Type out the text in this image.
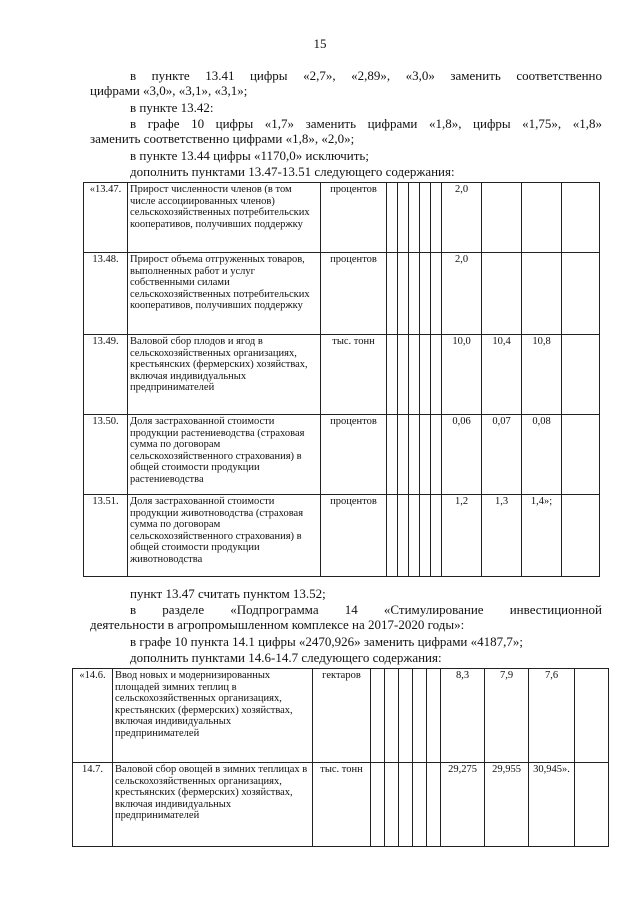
15
в пункте 13.41 цифры «2,7», «2,89», «3,0» заменить соответственно
цифрами «3,0», «3,1», «3,1»;
в пункте 13.42:
в графе 10 цифры «1,7» заменить цифрами «1,8», цифры «1,75», «1,8»
заменить соответственно цифрами «1,8», «2,0»;
в пункте 13.44 цифры «1170,0» исключить;
дополнить пунктами 13.47-13.51 следующего содержания:
«13.47.	Прирост численности членов (в том числе ассоциированных членов) сельскохозяйственных потребительских кооперативов, получивших поддержку	процентов						2,0			
13.48.	Прирост объема отгруженных товаров, выполненных работ и услуг собственными силами сельскохозяйственных потребительских кооперативов, получивших поддержку	процентов						2,0			
13.49.	Валовой сбор плодов и ягод в сельскохозяйственных организациях, крестьянских (фермерских) хозяйствах, включая индивидуальных предпринимателей	тыс. тонн						10,0	10,4	10,8	
13.50.	Доля застрахованной стоимости продукции растениеводства (страховая сумма по договорам сельскохозяйственного страхования) в общей стоимости продукции растениеводства	процентов						0,06	0,07	0,08	
13.51.	Доля застрахованной стоимости продукции животноводства (страховая сумма по договорам сельскохозяйственного страхования) в общей стоимости продукции животноводства	процентов						1,2	1,3	1,4»;	
пункт 13.47 считать пунктом 13.52;
в разделе «Подпрограмма 14 «Стимулирование инвестиционной
деятельности в агропромышленном комплексе на 2017-2020 годы»:
в графе 10 пункта 14.1 цифры «2470,926» заменить цифрами «4187,7»;
дополнить пунктами 14.6-14.7 следующего содержания:
«14.6.	Ввод новых и модернизированных площадей зимних теплиц в сельскохозяйственных организациях, крестьянских (фермерских) хозяйствах, включая индивидуальных предпринимателей	гектаров						8,3	7,9	7,6	
14.7.	Валовой сбор овощей в зимних теплицах в сельскохозяйственных организациях, крестьянских (фермерских) хозяйствах, включая индивидуальных предпринимателей	тыс. тонн						29,275	29,955	30,945».	
